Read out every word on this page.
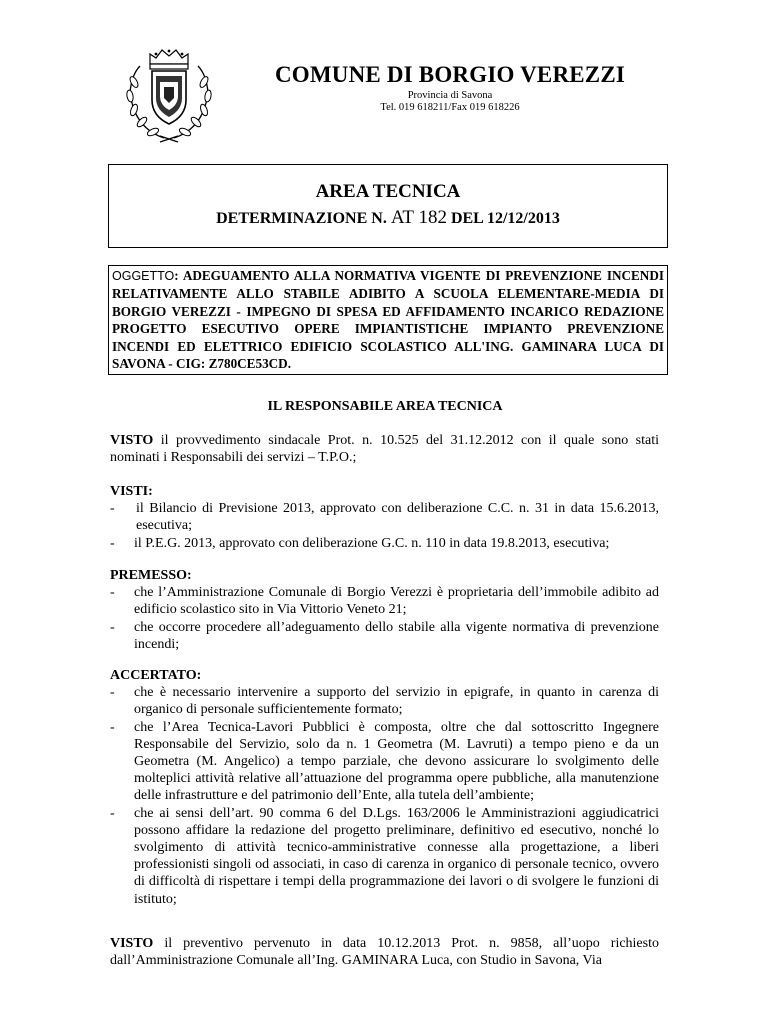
COMUNE DI BORGIO VEREZZI
Provincia di Savona
Tel. 019 618211/Fax 019 618226
AREA TECNICA
DETERMINAZIONE N. AT 182 DEL 12/12/2013
OGGETTO: ADEGUAMENTO ALLA NORMATIVA VIGENTE DI PREVENZIONE INCENDI RELATIVAMENTE ALLO STABILE ADIBITO A SCUOLA ELEMENTARE-MEDIA DI BORGIO VEREZZI - IMPEGNO DI SPESA ED AFFIDAMENTO INCARICO REDAZIONE PROGETTO ESECUTIVO OPERE IMPIANTISTICHE IMPIANTO PREVENZIONE INCENDI ED ELETTRICO EDIFICIO SCOLASTICO ALL'ING. GAMINARA LUCA DI SAVONA - CIG: Z780CE53CD.
IL RESPONSABILE AREA TECNICA

VISTO il provvedimento sindacale Prot. n. 10.525 del 31.12.2012 con il quale sono stati nominati i Responsabili dei servizi – T.P.O.;

VISTI:

- il Bilancio di Previsione 2013, approvato con deliberazione C.C. n. 31 in data 15.6.2013, esecutiva;

- il P.E.G. 2013, approvato con deliberazione G.C. n. 110 in data 19.8.2013, esecutiva;

PREMESSO:

- che l’Amministrazione Comunale di Borgio Verezzi è proprietaria dell’immobile adibito ad edificio scolastico sito in Via Vittorio Veneto 21;

- che occorre procedere all’adeguamento dello stabile alla vigente normativa di prevenzione incendi;

ACCERTATO:

- che è necessario intervenire a supporto del servizio in epigrafe, in quanto in carenza di organico di personale sufficientemente formato;

- che l’Area Tecnica-Lavori Pubblici è composta, oltre che dal sottoscritto Ingegnere Responsabile del Servizio, solo da n. 1 Geometra (M. Lavruti) a tempo pieno e da un Geometra (M. Angelico) a tempo parziale, che devono assicurare lo svolgimento delle molteplici attività relative all’attuazione del programma opere pubbliche, alla manutenzione delle infrastrutture e del patrimonio dell’Ente, alla tutela dell’ambiente;

- che ai sensi dell’art. 90 comma 6 del D.Lgs. 163/2006 le Amministrazioni aggiudicatrici possono affidare la redazione del progetto preliminare, definitivo ed esecutivo, nonché lo svolgimento di attività tecnico-amministrative connesse alla progettazione, a liberi professionisti singoli od associati, in caso di carenza in organico di personale tecnico, ovvero di difficoltà di rispettare i tempi della programmazione dei lavori o di svolgere le funzioni di istituto;

VISTO il preventivo pervenuto in data 10.12.2013 Prot. n. 9858, all’uopo richiesto dall’Amministrazione Comunale all’Ing. GAMINARA Luca, con Studio in Savona, Via
